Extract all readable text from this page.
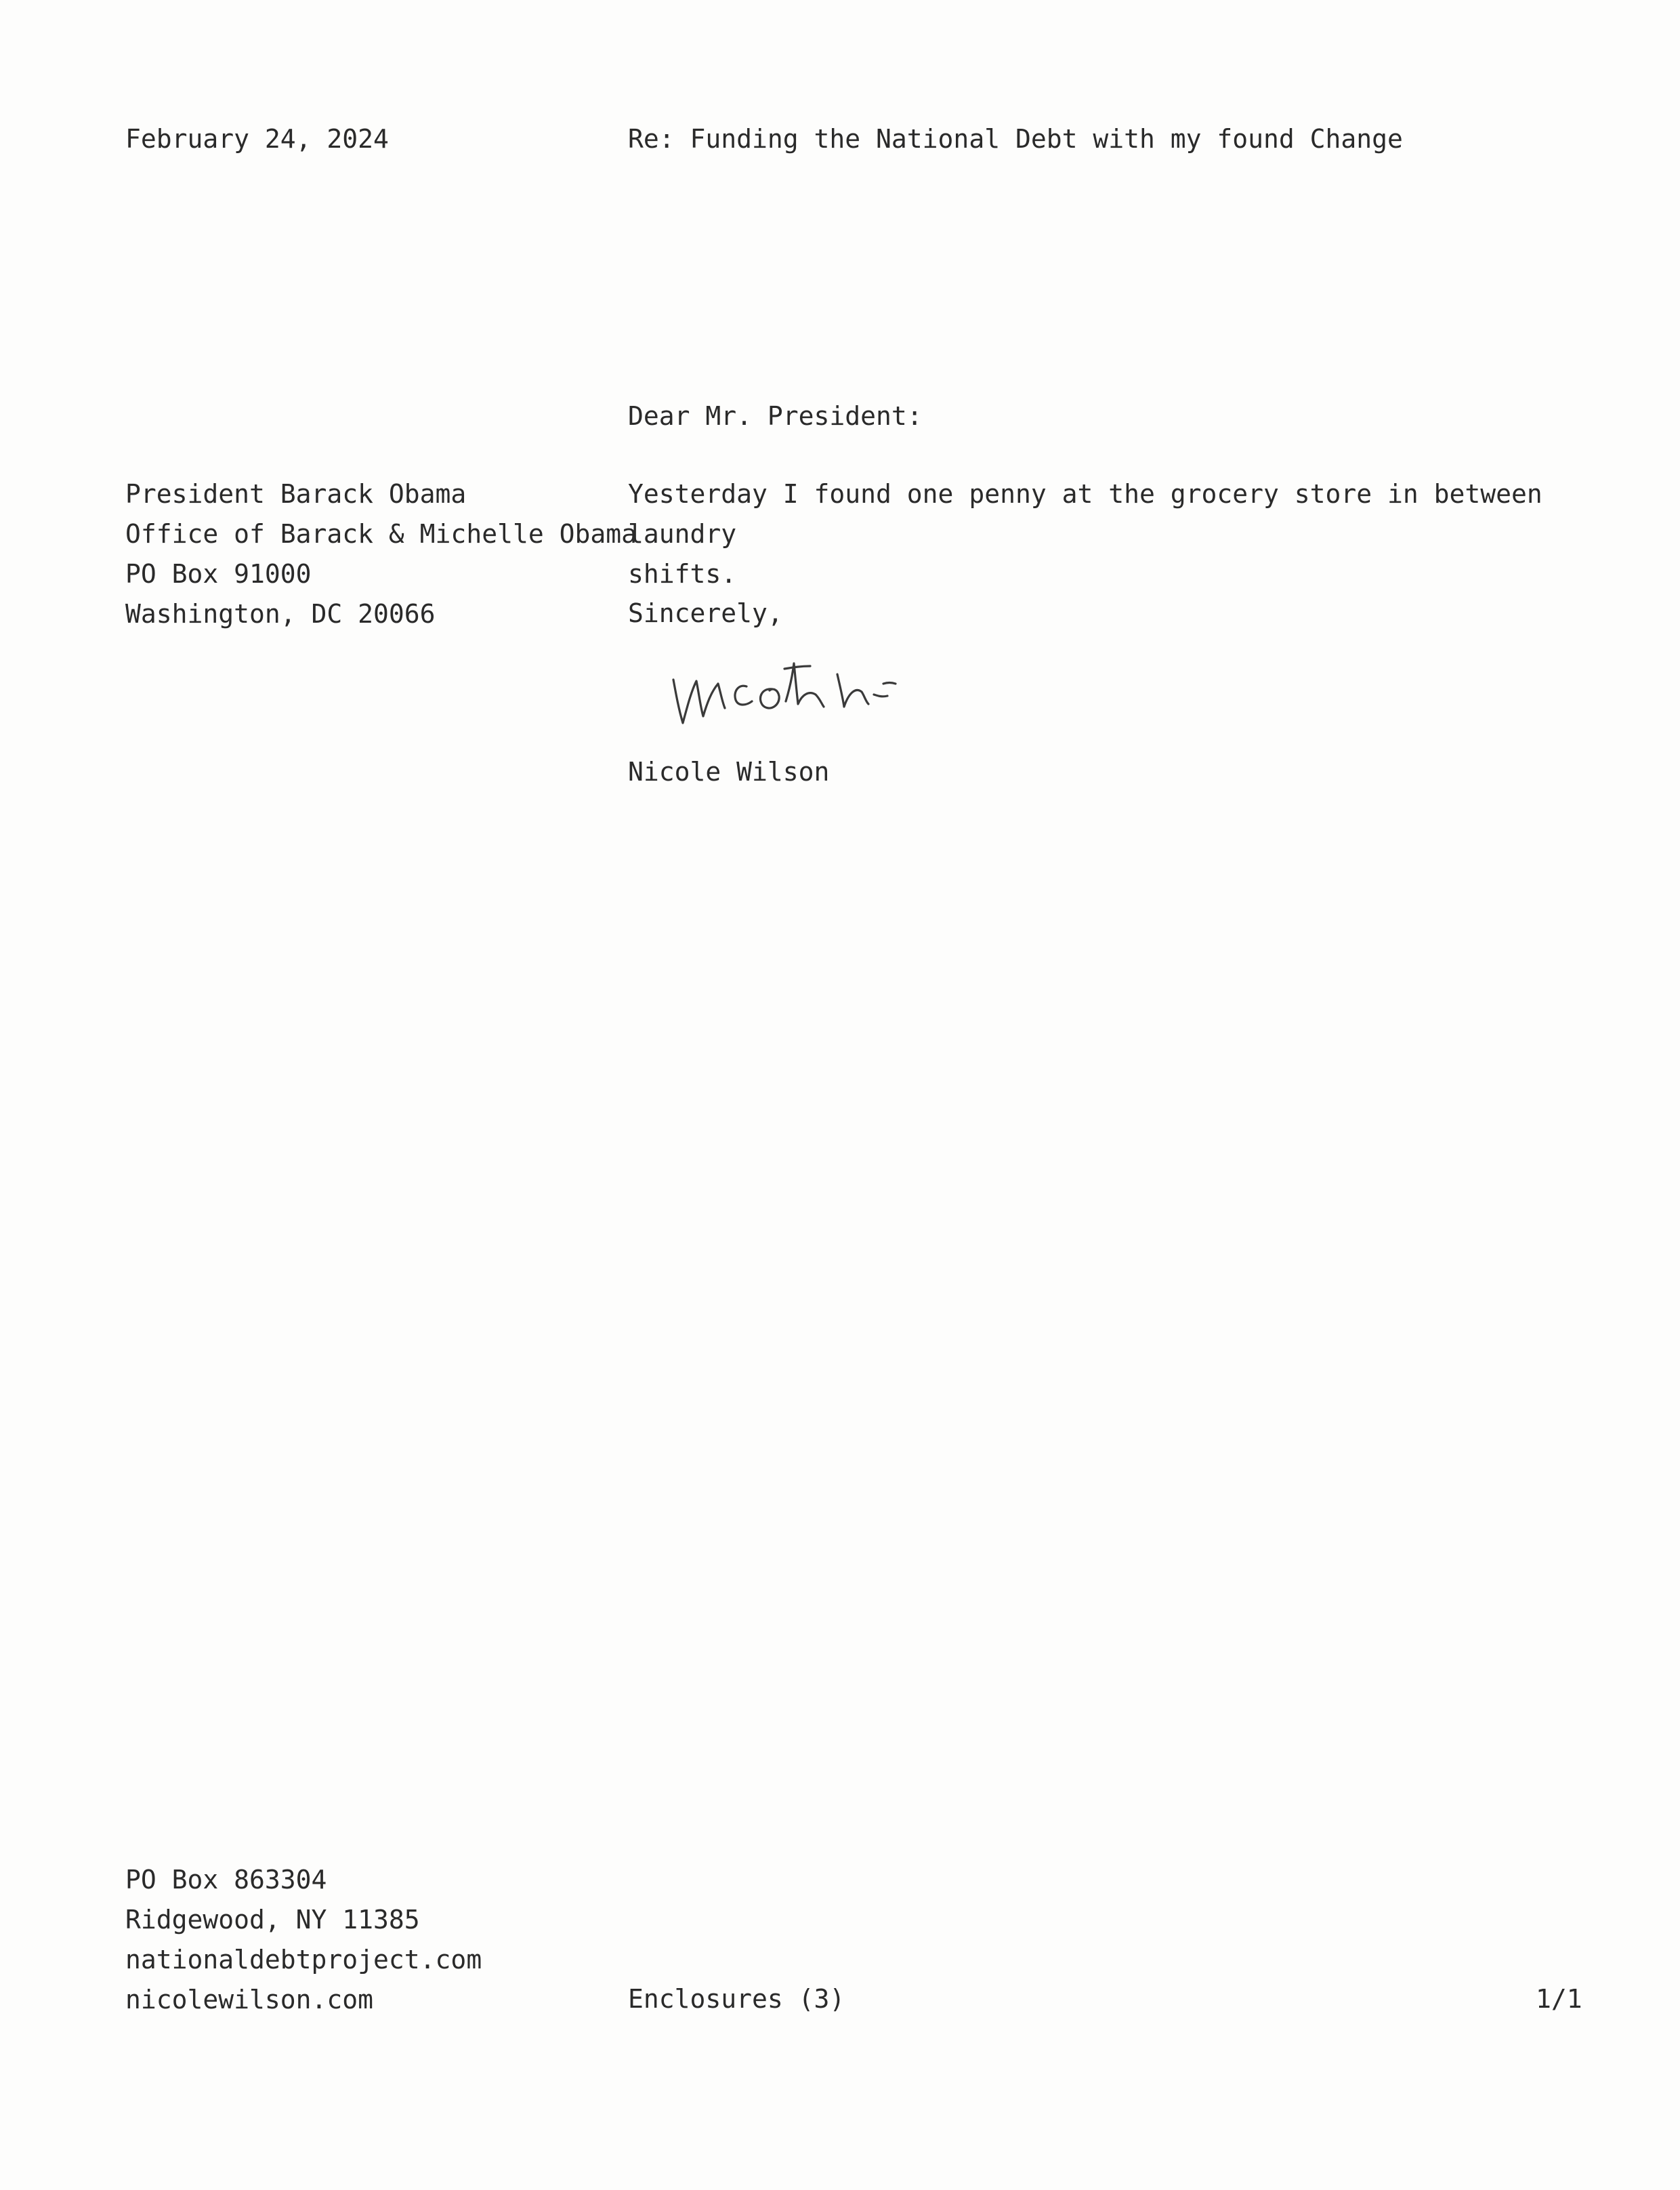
February 24, 2024	Re: Funding the National Debt with my found Change
Dear Mr. President:
President Barack Obama
Office of Barack & Michelle Obama
PO Box 91000
Washington, DC 20066
Yesterday I found one penny at the grocery store in between laundry
shifts.
Sincerely,
Nicole Wilson
PO Box 863304
Ridgewood, NY 11385
nationaldebtproject.com
nicolewilson.com	Enclosures (3)	1/1
